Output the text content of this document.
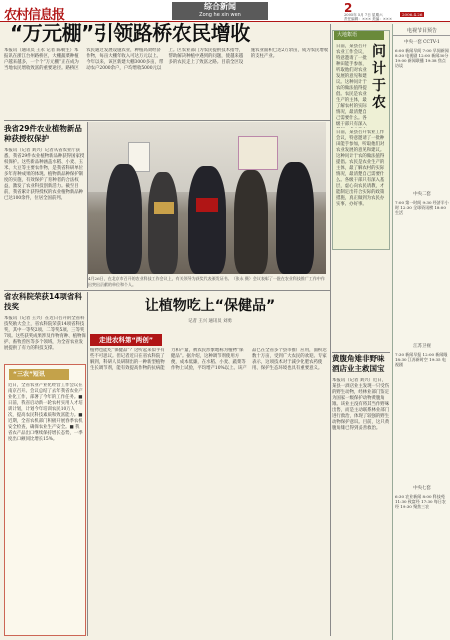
农村信息报
综合新闻
Zong he xin wen	2
2005年 5月 7日 星期六
责任编辑：××× 美编：×××
2006.4.26
“万元棚”引领路桥农民增收
本报讯（通讯员 王永 记者 陈朝生）本报讯在浙江台州路桥区，大棚蔬菜种植户越来越多，一个个“万元棚”正在成为当地农民增收致富的重要途径。路桥区农民通过发展设施农业，种植高效经济作物，每亩大棚年收入可达万元以上。今年以来，该区新建大棚3000多亩，带动农户2000余户，户均增收5000元以上。区农业部门为农民提供技术指导，帮助解决种植中遇到的问题，使越来越多的农民走上了致富之路。目前全区设施农业面积已达2万余亩，成为农民增收的支柱产业。
我省29件农业植物新品种获授权保护
本报讯（记者 刘兴）记者从省农业厅获悉，我省29件农业植物新品种获得国家授权保护。这些新品种涵盖水稻、小麦、玉米、大豆等主要农作物，是我省科研单位多年育种成果的体现。植物新品种保护制度的实施，有效保护了育种者的合法权益，激发了农业科技创新活力。截至目前，我省累计获得授权的农业植物新品种已达100余件，位居全国前列。
4月26日，在北京市召开的农业科技工作会议上，有关领导为获奖代表颁发证书。（张永 摄）会议表彰了一批在农业科技推广工作中作出突出贡献的单位和个人。
省农科院荣获14项省科技奖
本报讯（记者 王兴）在近日召开的全省科技奖励大会上，省农科院荣获14项省科技奖，其中一等奖2项、二等奖5项、三等奖7项。这些获奖成果涉及作物育种、植物保护、畜牧兽医等多个领域，为全省农业发展提供了有力的科技支撑。
“三农”短讯
近日，全省农业产业化经营工作会议在南京召开。会议总结了去年我省农业产业化工作，部署了今年的工作任务。■ 日前，我省启动新一轮农村实用人才培训计划，计划今年培训农民10万人次，提高农民科技素质和致富能力。■ 近期，全省农机部门积极开展春季农机安全检查，确保农业生产安全。■ 我省农产品出口继续保持增长态势，一季度出口额同比增长15%。
让植物吃上“保健品”
记者 王兴 通讯员 刘勇
走进农科第“两创”
植物也能吃“保健品”？这听起来似乎有些不可思议。但记者近日在省农科院了解到，科研人员研制出的一种新型植物生长调节剂，能有效提高作物的抗病能力和产量，被农民形象地称为植物“保健品”。据介绍，这种调节剂使用方便，成本低廉，在水稻、小麦、蔬菜等作物上试验，平均增产10%以上。该产品已在全省多个县市推广应用，面积达数十万亩，受到广大农民的欢迎。专家表示，这项技术对于减少化肥农药使用、保护生态环境也具有重要意义。
大地絮语
问计于农
日前，某县召开农业工作会议，特意邀请了一批种田能手参加，听取他们对农业发展的意见和建议。这种问计于农的做法值得提倡。农民是农业生产的主体，最了解农村的实际情况，最清楚自己需要什么。各级干部只有深入
日前，某县召开农业工作会议，特意邀请了一批种田能手参加，听取他们对农业发展的意见和建议。这种问计于农的做法值得提倡。农民是农业生产的主体，最了解农村的实际情况，最清楚自己需要什么。各级干部只有深入基层，虚心向农民请教，才能制定出符合实际的政策措施，真正做到为农民办实事、办好事。
黄腹角雉非野味酒店业主救国宝
本报讯（记者 刘兴）近日，某县一酒店业主发现一只受伤的野生动物，经林业部门鉴定为国家一级保护动物黄腹角雉。该业主没有将其当作野味出售，而是主动联系林业部门进行救治，体现了较强的野生动物保护意识。目前，这只黄腹角雉已得到妥善救治。
电视节目预告
中央一套 CCTV-1
6:00 新闻早间 7:00 早间新闻 8:30 电视剧 12:00 新闻30分 19:00 新闻联播 19:38 焦点访谈
中央二套
7:00 第一时间 9:30 经济半小时 12:30 全球资讯榜 18:00 生活
江苏卫视
7:30 新闻早报 12:00 新闻眼 18:30 江苏新时空 19:35 电视剧
中央七套
6:30 农业新闻 8:00 科技苑 11:30 致富经 17:30 每日农经 19:30 聚焦三农
